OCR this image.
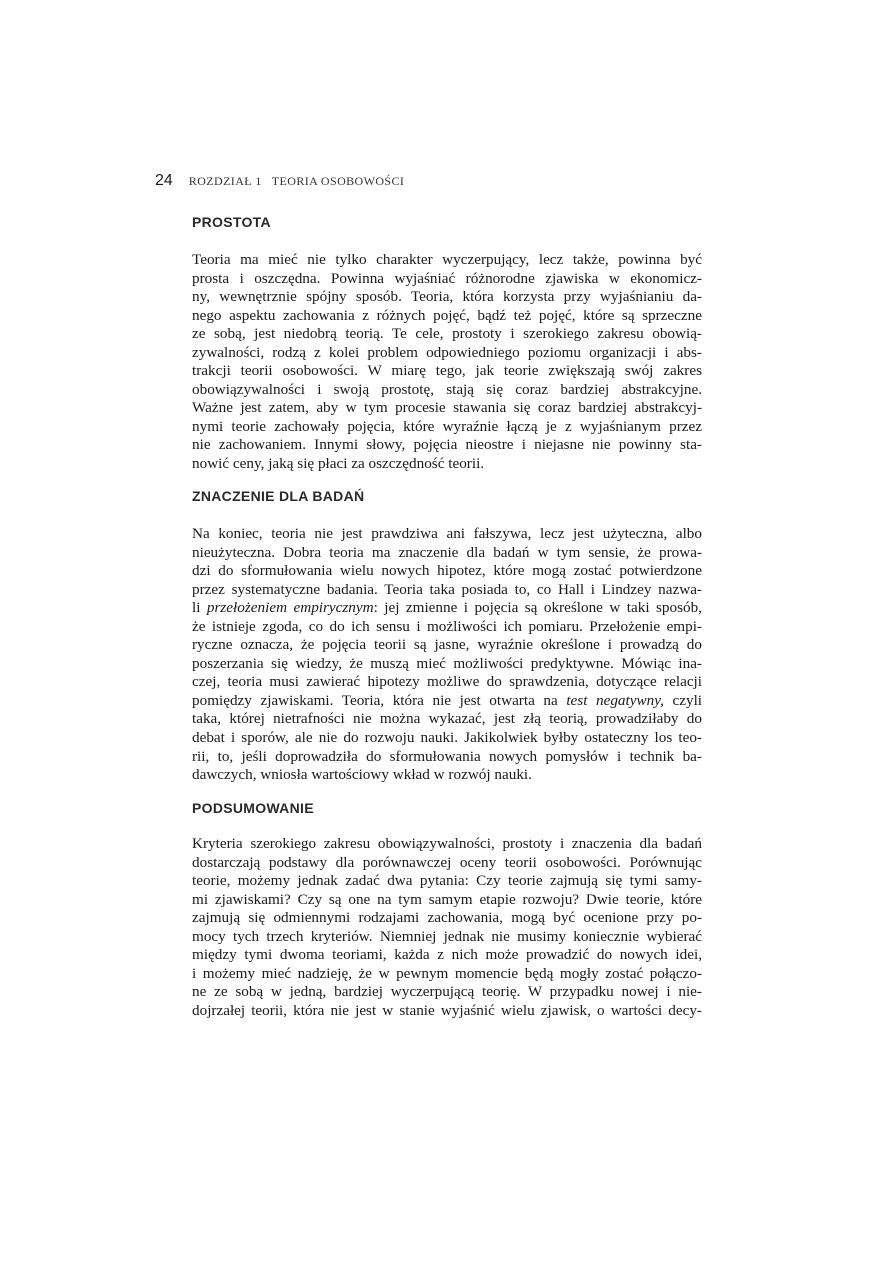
24 ROZDZIAŁ 1 TEORIA OSOBOWOŚCI
PROSTOTA
Teoria ma mieć nie tylko charakter wyczerpujący, lecz także, powinna być
prosta i oszczędna. Powinna wyjaśniać różnorodne zjawiska w ekonomicz-
ny, wewnętrznie spójny sposób. Teoria, która korzysta przy wyjaśnianiu da-
nego aspektu zachowania z różnych pojęć, bądź też pojęć, które są sprzeczne
ze sobą, jest niedobrą teorią. Te cele, prostoty i szerokiego zakresu obowią-
zywalności, rodzą z kolei problem odpowiedniego poziomu organizacji i abs-
trakcji teorii osobowości. W miarę tego, jak teorie zwiększają swój zakres
obowiązywalności i swoją prostotę, stają się coraz bardziej abstrakcyjne.
Ważne jest zatem, aby w tym procesie stawania się coraz bardziej abstrakcyj-
nymi teorie zachowały pojęcia, które wyraźnie łączą je z wyjaśnianym przez
nie zachowaniem. Innymi słowy, pojęcia nieostre i niejasne nie powinny sta-
nowić ceny, jaką się płaci za oszczędność teorii.
ZNACZENIE DLA BADAŃ
Na koniec, teoria nie jest prawdziwa ani fałszywa, lecz jest użyteczna, albo
nieużyteczna. Dobra teoria ma znaczenie dla badań w tym sensie, że prowa-
dzi do sformułowania wielu nowych hipotez, które mogą zostać potwierdzone
przez systematyczne badania. Teoria taka posiada to, co Hall i Lindzey nazwa-
li przełożeniem empirycznym: jej zmienne i pojęcia są określone w taki sposób,
że istnieje zgoda, co do ich sensu i możliwości ich pomiaru. Przełożenie empi-
ryczne oznacza, że pojęcia teorii są jasne, wyraźnie określone i prowadzą do
poszerzania się wiedzy, że muszą mieć możliwości predyktywne. Mówiąc ina-
czej, teoria musi zawierać hipotezy możliwe do sprawdzenia, dotyczące relacji
pomiędzy zjawiskami. Teoria, która nie jest otwarta na test negatywny, czyli
taka, której nietrafności nie można wykazać, jest złą teorią, prowadziłaby do
debat i sporów, ale nie do rozwoju nauki. Jakikolwiek byłby ostateczny los teo-
rii, to, jeśli doprowadziła do sformułowania nowych pomysłów i technik ba-
dawczych, wniosła wartościowy wkład w rozwój nauki.
PODSUMOWANIE
Kryteria szerokiego zakresu obowiązywalności, prostoty i znaczenia dla badań
dostarczają podstawy dla porównawczej oceny teorii osobowości. Porównując
teorie, możemy jednak zadać dwa pytania: Czy teorie zajmują się tymi samy-
mi zjawiskami? Czy są one na tym samym etapie rozwoju? Dwie teorie, które
zajmują się odmiennymi rodzajami zachowania, mogą być ocenione przy po-
mocy tych trzech kryteriów. Niemniej jednak nie musimy koniecznie wybierać
między tymi dwoma teoriami, każda z nich może prowadzić do nowych idei,
i możemy mieć nadzieję, że w pewnym momencie będą mogły zostać połączo-
ne ze sobą w jedną, bardziej wyczerpującą teorię. W przypadku nowej i nie-
dojrzałej teorii, która nie jest w stanie wyjaśnić wielu zjawisk, o wartości decy-
